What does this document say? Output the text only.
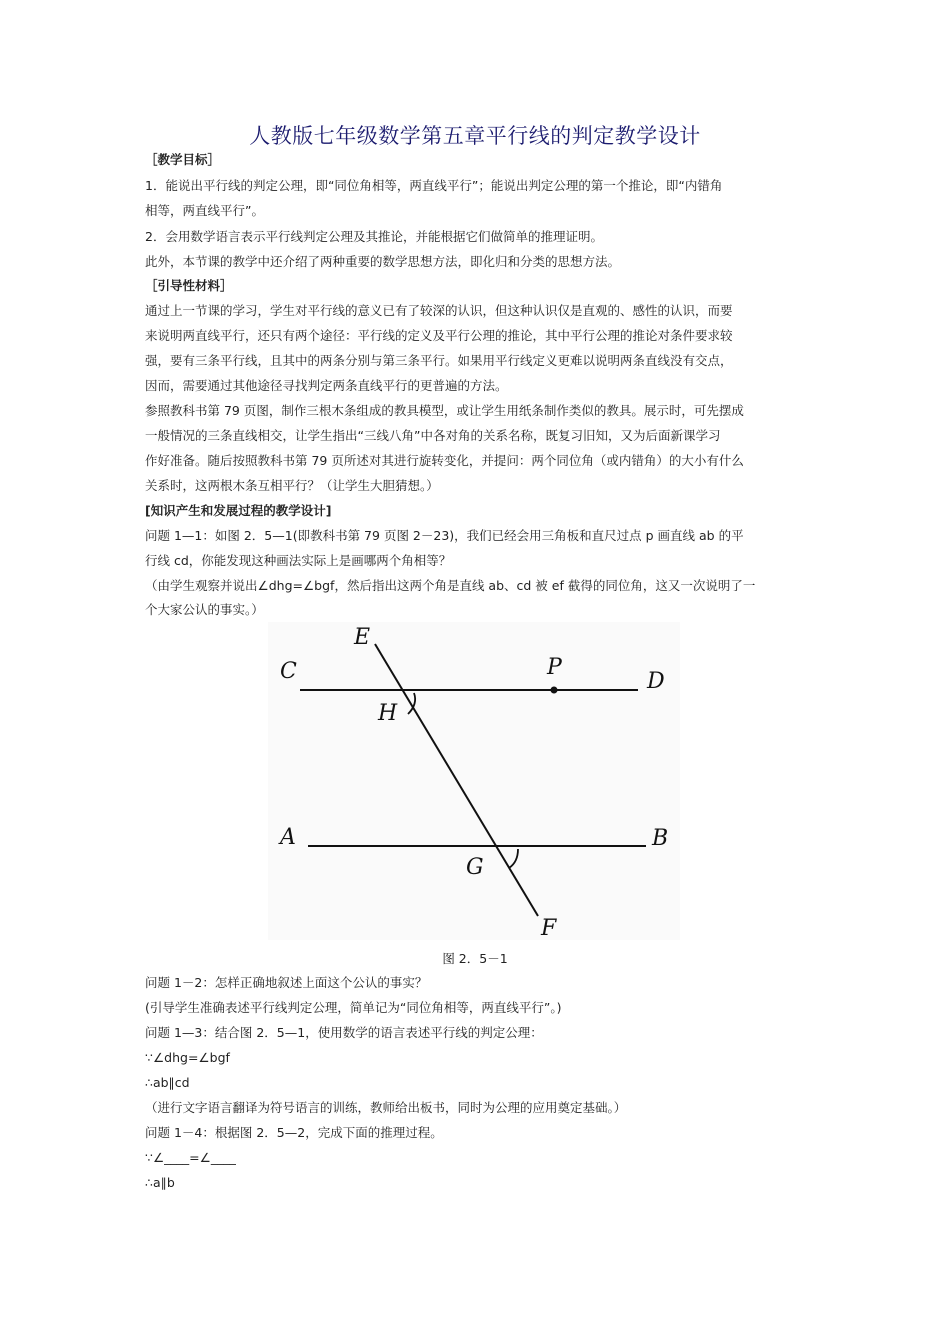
人教版七年级数学第五章平行线的判定教学设计
［教学目标］
1．能说出平行线的判定公理，即“同位角相等，两直线平行”；能说出判定公理的第一个推论，即“内错角
相等，两直线平行”。
2．会用数学语言表示平行线判定公理及其推论，并能根据它们做简单的推理证明。
此外，本节课的教学中还介绍了两种重要的数学思想方法，即化归和分类的思想方法。
［引导性材料］
通过上一节课的学习，学生对平行线的意义已有了较深的认识，但这种认识仅是直观的、感性的认识，而要
来说明两直线平行，还只有两个途径：平行线的定义及平行公理的推论，其中平行公理的推论对条件要求较
强，要有三条平行线，且其中的两条分别与第三条平行。如果用平行线定义更难以说明两条直线没有交点，
因而，需要通过其他途径寻找判定两条直线平行的更普遍的方法。
参照教科书第 79 页图，制作三根木条组成的教具模型，或让学生用纸条制作类似的教具。展示时，可先摆成
一般情况的三条直线相交，让学生指出“三线八角”中各对角的关系名称，既复习旧知，又为后面新课学习
作好准备。随后按照教科书第 79 页所述对其进行旋转变化，并提问：两个同位角（或内错角）的大小有什么
关系时，这两根木条互相平行？（让学生大胆猜想。）
[知识产生和发展过程的教学设计]
问题 1—1：如图 2．5—1(即教科书第 79 页图 2－23)，我们已经会用三角板和直尺过点 p 画直线 ab 的平
行线 cd，你能发现这种画法实际上是画哪两个角相等？
（由学生观察并说出∠dhg=∠bgf，然后指出这两个角是直线 ab、cd 被 ef 截得的同位角，这又一次说明了一
个大家公认的事实。）
E
C	P
D
H
A	B
G
F
图 2．5－1
问题 1－2：怎样正确地叙述上面这个公认的事实？
(引导学生准确表述平行线判定公理，简单记为“同位角相等，两直线平行”。)
问题 1—3：结合图 2．5—1，使用数学的语言表述平行线的判定公理：
∵∠dhg=∠bgf
∴ab∥cd
（进行文字语言翻译为符号语言的训练，教师给出板书，同时为公理的应用奠定基础。）
问题 1－4：根据图 2．5—2，完成下面的推理过程。
∵∠____=∠____
∴a∥b
